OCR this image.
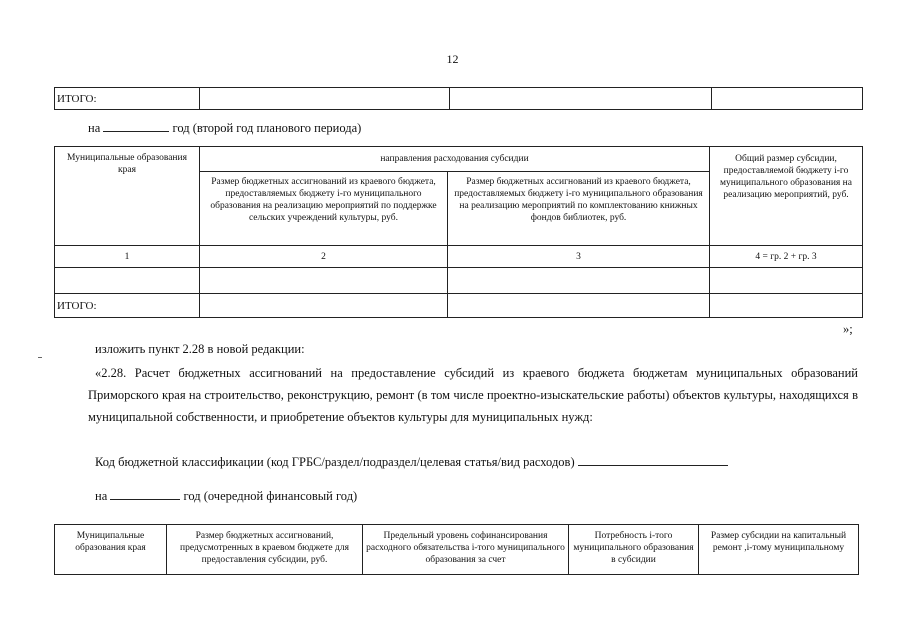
12
ИТОГО:			
на	год (второй год планового периода)
Муниципальные образования края	направления расходования субсидии		Общий размер субсидии, предоставляемой бюджету i-го муниципального образования на реализацию мероприятий, руб.
	Размер бюджетных ассигнований из краевого бюджета, предоставляемых бюджету i-го муниципального образования на реализацию мероприятий по поддержке сельских учреждений культуры, руб.	Размер бюджетных ассигнований из краевого бюджета, предоставляемых бюджету i-го муниципального образования на реализацию мероприятий по комплектованию книжных фондов библиотек, руб.	
1	2	3	4 = гр. 2 + гр. 3

ИТОГО:			
»;
изложить пункт 2.28 в новой редакции:
«2.28. Расчет бюджетных ассигнований на предоставление субсидий из краевого бюджета бюджетам муниципальных образований Приморского края на строительство, реконструкцию, ремонт (в том числе проектно-изыскательские работы) объектов культуры, находящихся в муниципальной собственности, и приобретение объектов культуры для муниципальных нужд:
Код бюджетной классификации (код ГРБС/раздел/подраздел/целевая статья/вид расходов)
на	год (очередной финансовый год)
Муниципальные образования края	Размер бюджетных ассигнований, предусмотренных в краевом бюджете для предоставления субсидии, руб.	Предельный уровень софинансирования расходного обязательства i-того муниципального образования за счет	Потребность i-того муниципального образования в субсидии	Размер субсидии на капитальный ремонт ,i-тому муниципальному
